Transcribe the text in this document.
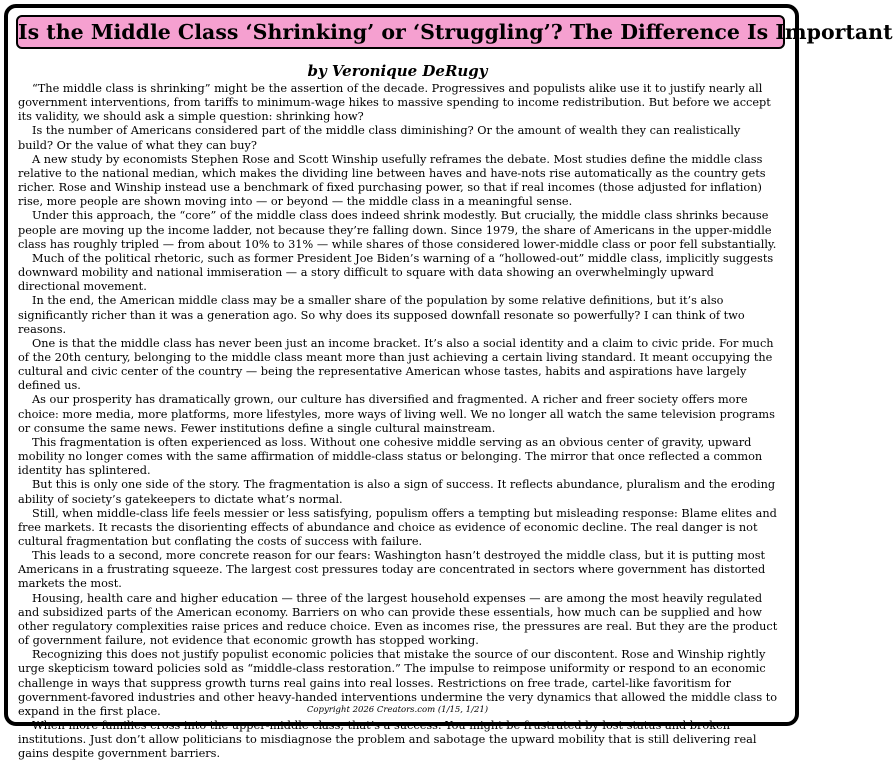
Is the Middle Class ‘Shrinking’ or ‘Struggling’? The Difference Is Important
by Veronique DeRugy

“The middle class is shrinking” might be the assertion of the decade. Progressives and populists alike use it to justify nearly all government interventions, from tariffs to minimum-wage hikes to massive spending to income redistribution. But before we accept its validity, we should ask a simple question: shrinking how?

Is the number of Americans considered part of the middle class diminishing? Or the amount of wealth they can realistically build? Or the value of what they can buy?

A new study by economists Stephen Rose and Scott Winship usefully reframes the debate. Most studies define the middle class relative to the national median, which makes the dividing line between haves and have-nots rise automatically as the country gets richer. Rose and Winship instead use a benchmark of fixed purchasing power, so that if real incomes (those adjusted for inflation) rise, more people are shown moving into — or beyond — the middle class in a meaningful sense.

Under this approach, the “core” of the middle class does indeed shrink modestly. But crucially, the middle class shrinks because people are moving up the income ladder, not because they’re falling down. Since 1979, the share of Americans in the upper-middle class has roughly tripled — from about 10% to 31% — while shares of those considered lower-middle class or poor fell substantially.

Much of the political rhetoric, such as former President Joe Biden’s warning of a “hollowed-out” middle class, implicitly suggests downward mobility and national immiseration — a story difficult to square with data showing an overwhelmingly upward directional movement.

In the end, the American middle class may be a smaller share of the population by some relative definitions, but it’s also significantly richer than it was a generation ago. So why does its supposed downfall resonate so powerfully? I can think of two reasons.

One is that the middle class has never been just an income bracket. It’s also a social identity and a claim to civic pride. For much of the 20th century, belonging to the middle class meant more than just achieving a certain living standard. It meant occupying the cultural and civic center of the country — being the representative American whose tastes, habits and aspirations have largely defined us.

As our prosperity has dramatically grown, our culture has diversified and fragmented. A richer and freer society offers more choice: more media, more platforms, more lifestyles, more ways of living well. We no longer all watch the same television programs or consume the same news. Fewer institutions define a single cultural mainstream.

This fragmentation is often experienced as loss. Without one cohesive middle serving as an obvious center of gravity, upward mobility no longer comes with the same affirmation of middle-class status or belonging. The mirror that once reflected a common identity has splintered.

But this is only one side of the story. The fragmentation is also a sign of success. It reflects abundance, pluralism and the eroding ability of society’s gatekeepers to dictate what’s normal.

Still, when middle-class life feels messier or less satisfying, populism offers a tempting but misleading response: Blame elites and free markets. It recasts the disorienting effects of abundance and choice as evidence of economic decline. The real danger is not cultural fragmentation but conflating the costs of success with failure.

This leads to a second, more concrete reason for our fears: Washington hasn’t destroyed the middle class, but it is putting most Americans in a frustrating squeeze. The largest cost pressures today are concentrated in sectors where government has distorted markets the most.

Housing, health care and higher education — three of the largest household expenses — are among the most heavily regulated and subsidized parts of the American economy. Barriers on who can provide these essentials, how much can be supplied and how other regulatory complexities raise prices and reduce choice. Even as incomes rise, the pressures are real. But they are the product of government failure, not evidence that economic growth has stopped working.

Recognizing this does not justify populist economic policies that mistake the source of our discontent. Rose and Winship rightly urge skepticism toward policies sold as “middle-class restoration.” The impulse to reimpose uniformity or respond to an economic challenge in ways that suppress growth turns real gains into real losses. Restrictions on free trade, cartel-like favoritism for government-favored industries and other heavy-handed interventions undermine the very dynamics that allowed the middle class to expand in the first place.

When more families cross into the upper-middle class, that’s a success. You might be frustrated by lost status and broken institutions. Just don’t allow politicians to misdiagnose the problem and sabotage the upward mobility that is still delivering real gains despite government barriers.

Copyright 2026 Creators.com (1/15, 1/21)
